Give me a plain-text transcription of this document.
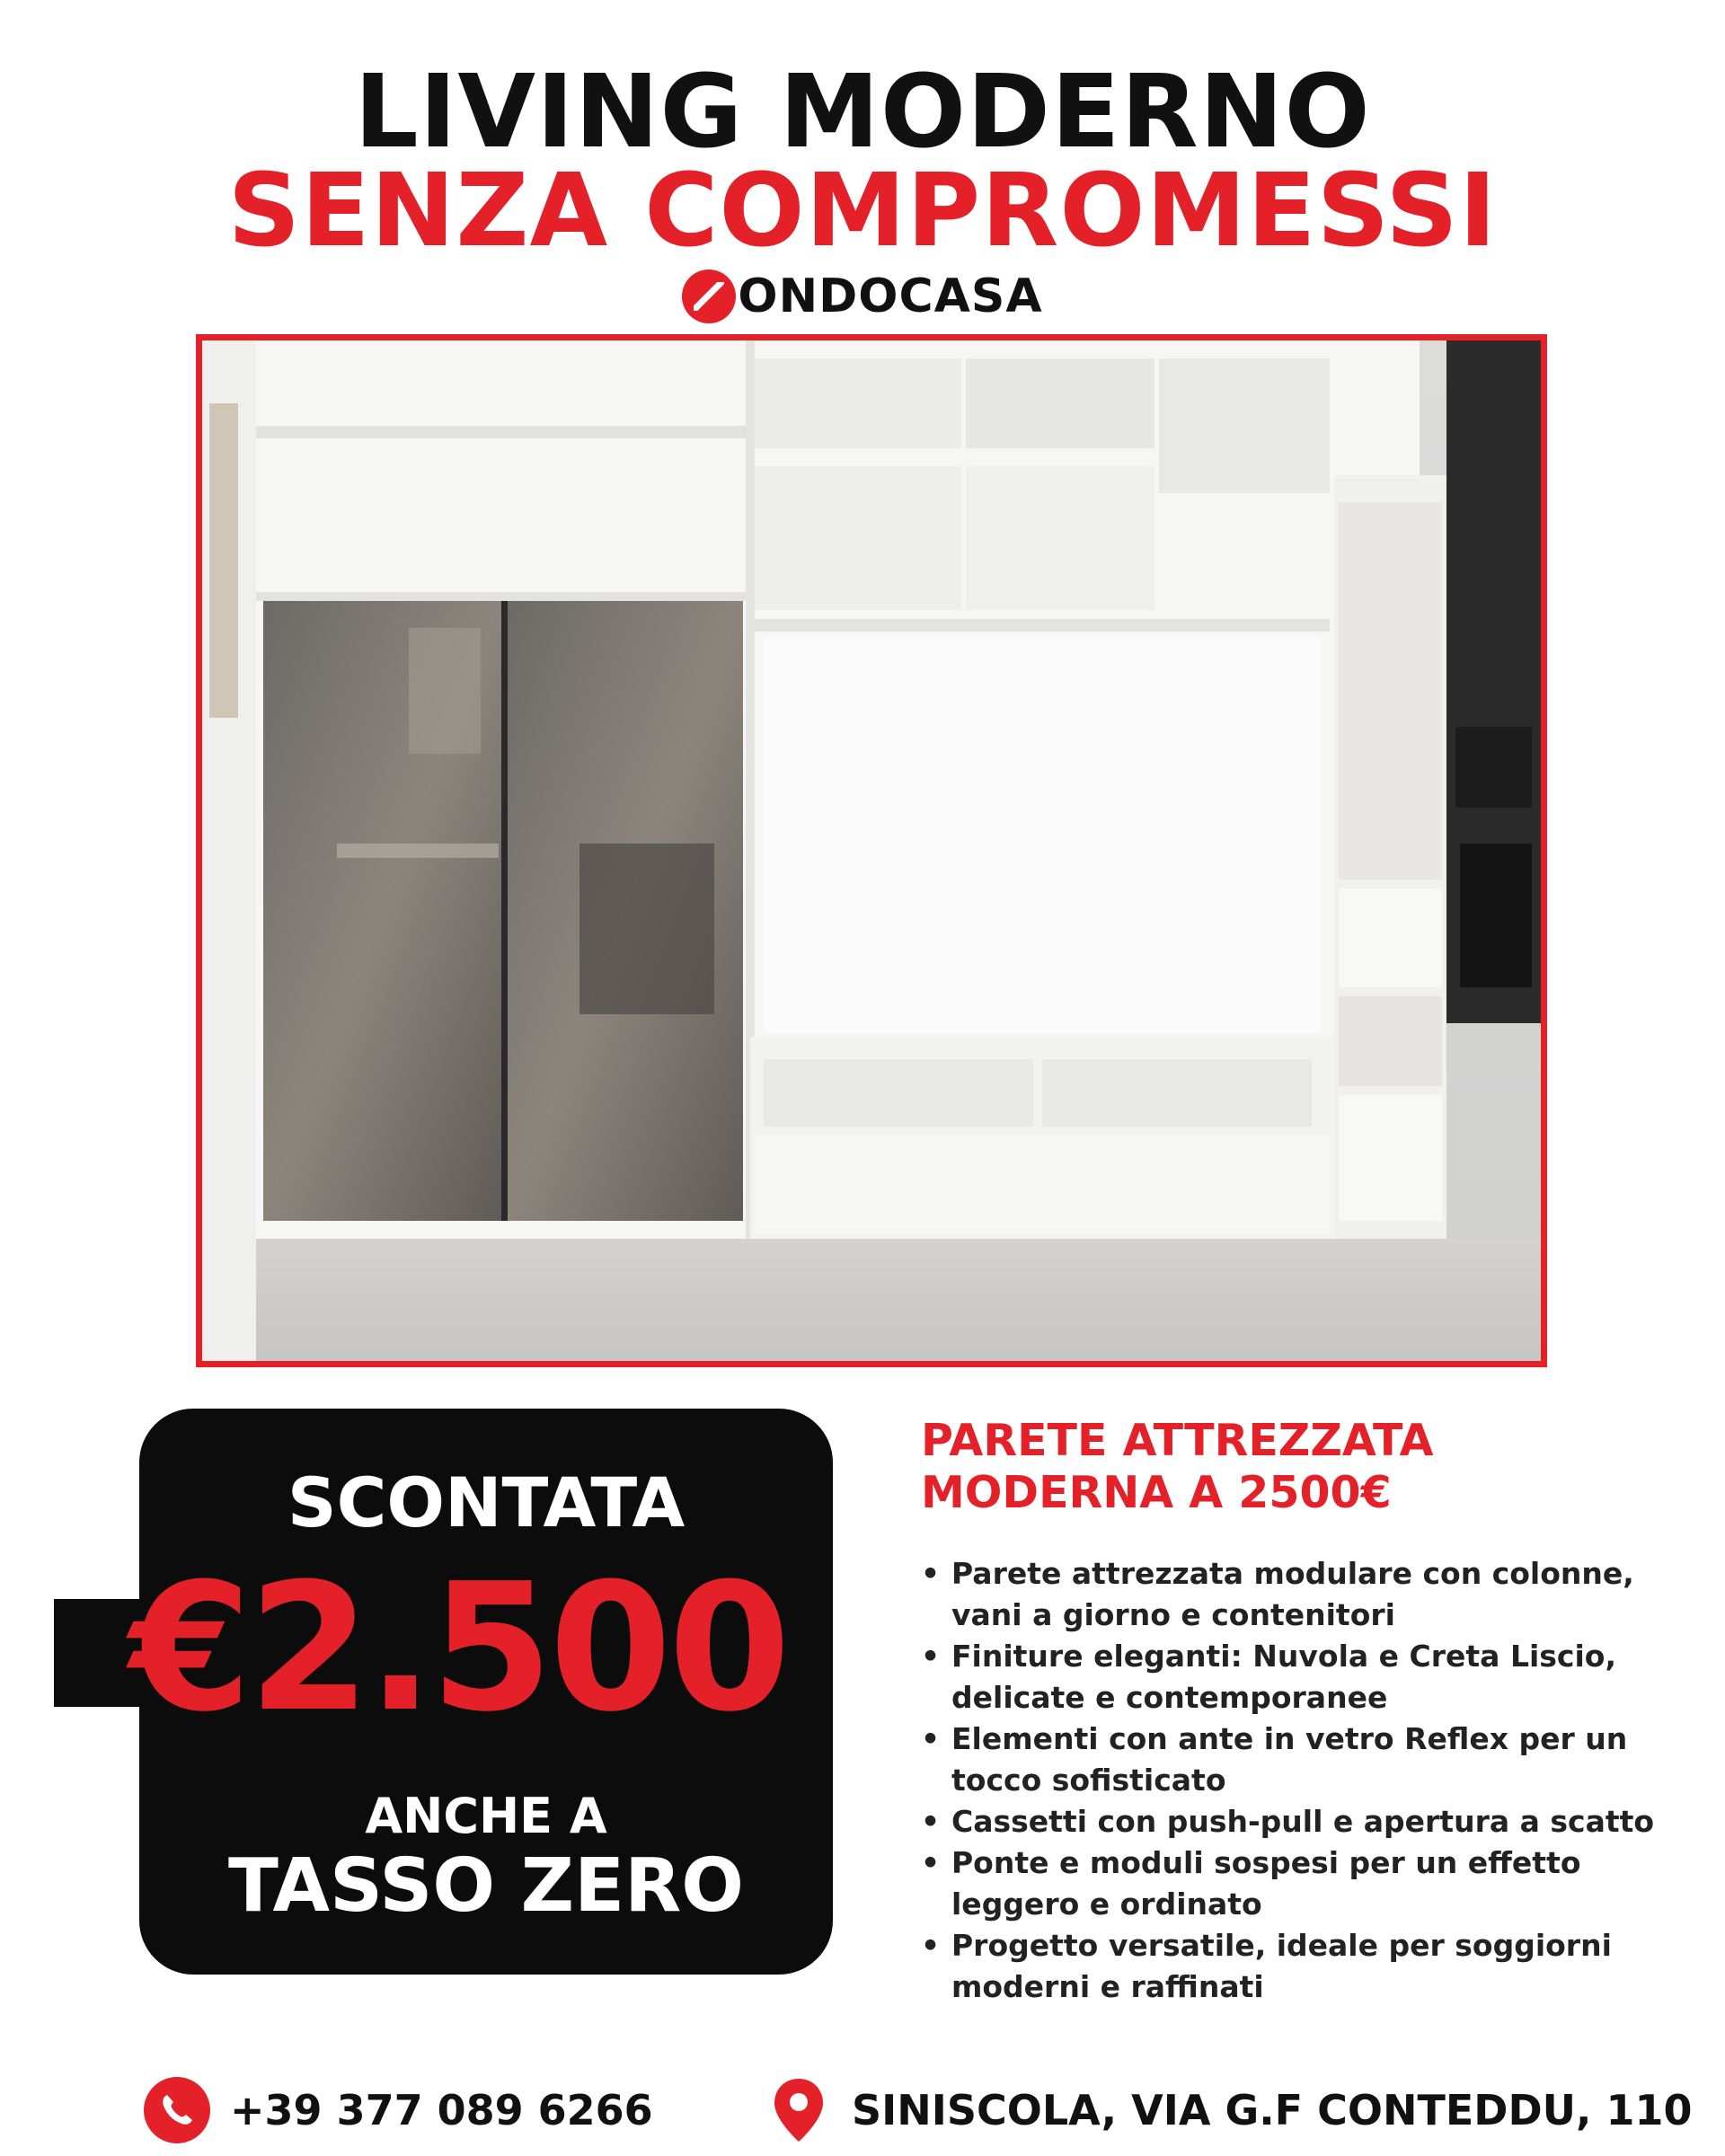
LIVING MODERNO
SENZA COMPROMESSI
ONDOCASA
SCONTATA
€2.500
ANCHE A
TASSO ZERO
PARETE ATTREZZATA
MODERNA A 2500€
• Parete attrezzata modulare con colonne, vani a giorno e contenitori
• Finiture eleganti: Nuvola e Creta Liscio, delicate e contemporanee
• Elementi con ante in vetro Reflex per un tocco sofisticato
• Cassetti con push-pull e apertura a scatto
• Ponte e moduli sospesi per un effetto leggero e ordinato
• Progetto versatile, ideale per soggiorni moderni e raffinati
+39 377 089 6266	SINISCOLA, VIA G.F CONTEDDU, 110
